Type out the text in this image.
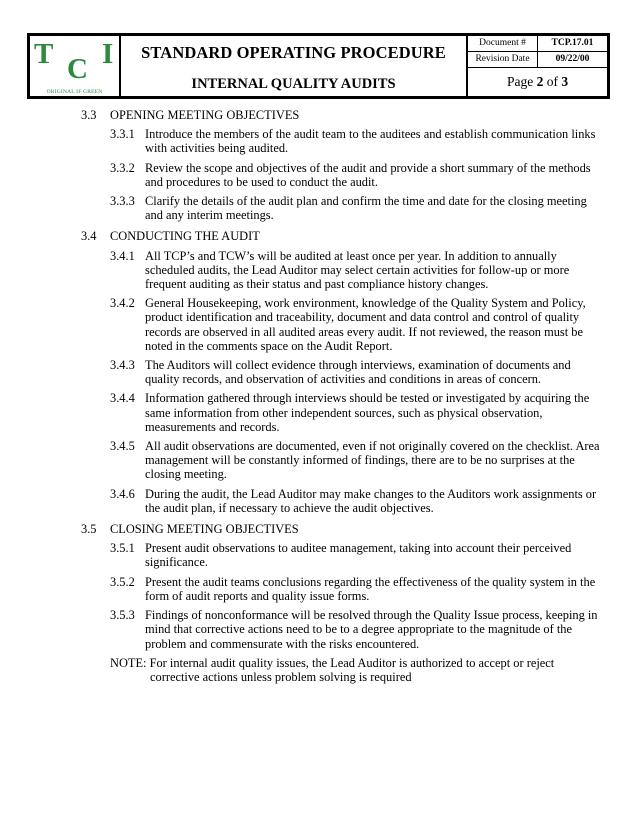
T C I
ORIGINAL IF GREEN
STANDARD OPERATING PROCEDURE
INTERNAL QUALITY AUDITS
Document #	TCP.17.01
Revision Date	09/22/00
Page
2
of
3
3.3	OPENING MEETING OBJECTIVES
3.3.1 Introduce the members of the audit team to the auditees and establish communication links with activities being audited.
3.3.2 Review the scope and objectives of the audit and provide a short summary of the methods and procedures to be used to conduct the audit.
3.3.3 Clarify the details of the audit plan and confirm the time and date for the closing meeting and any interim meetings.
3.4	CONDUCTING THE AUDIT
3.4.1 All TCP’s and TCW’s will be audited at least once per year. In addition to annually scheduled audits, the Lead Auditor may select certain activities for follow-up or more frequent auditing as their status and past compliance history changes.
3.4.2 General Housekeeping, work environment, knowledge of the Quality System and Policy, product identification and traceability, document and data control and control of quality records are observed in all audited areas every audit. If not reviewed, the reason must be noted in the comments space on the Audit Report.
3.4.3 The Auditors will collect evidence through interviews, examination of documents and quality records, and observation of activities and conditions in areas of concern.
3.4.4 Information gathered through interviews should be tested or investigated by acquiring the same information from other independent sources, such as physical observation, measurements and records.
3.4.5 All audit observations are documented, even if not originally covered on the checklist. Area management will be constantly informed of findings, there are to be no surprises at the closing meeting.
3.4.6 During the audit, the Lead Auditor may make changes to the Auditors work assignments or the audit plan, if necessary to achieve the audit objectives.
3.5	CLOSING MEETING OBJECTIVES
3.5.1 Present audit observations to auditee management, taking into account their perceived significance.
3.5.2 Present the audit teams conclusions regarding the effectiveness of the quality system in the form of audit reports and quality issue forms.
3.5.3 Findings of nonconformance will be resolved through the Quality Issue process, keeping in mind that corrective actions need to be to a degree appropriate to the magnitude of the problem and commensurate with the risks encountered.
NOTE: For internal audit quality issues, the Lead Auditor is authorized to accept or reject
corrective actions unless problem solving is required
